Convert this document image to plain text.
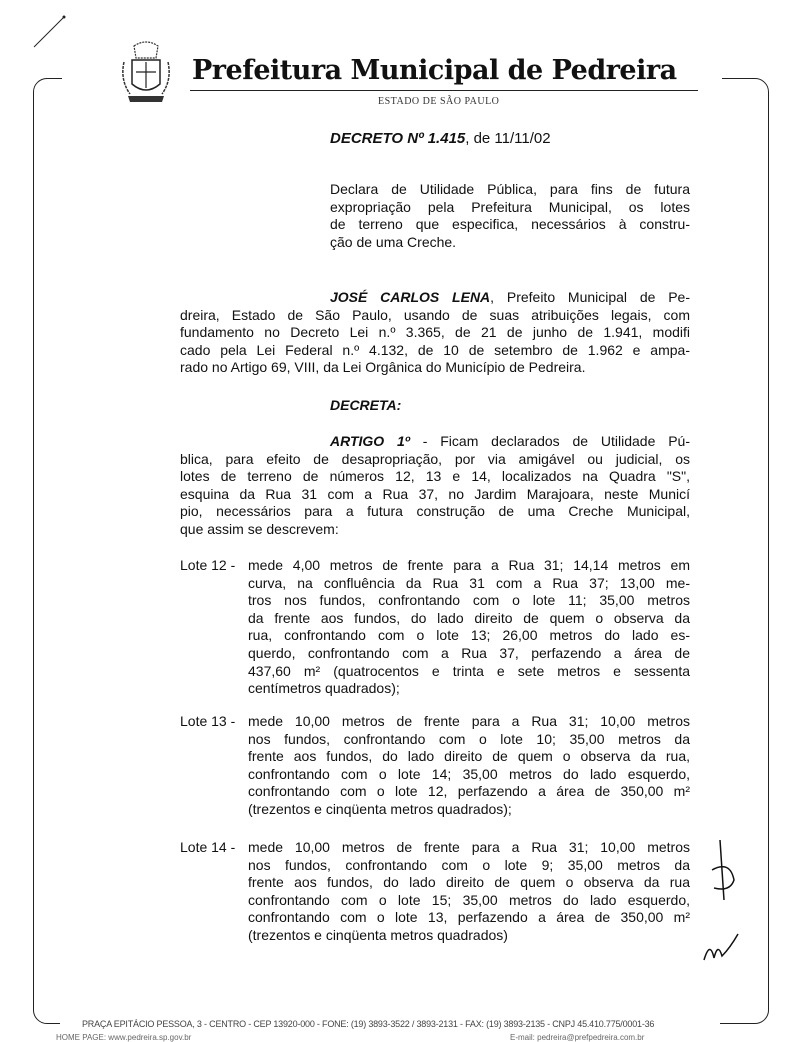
Prefeitura Municipal de Pedreira
ESTADO DE SÃO PAULO
DECRETO Nº 1.415, de 11/11/02
Declara de Utilidade Pública, para fins de futura
expropriação pela Prefeitura Municipal, os lotes
de terreno que especifica, necessários à constru-
ção de uma Creche.
JOSÉ CARLOS LENA, Prefeito Municipal de Pe-
dreira, Estado de São Paulo, usando de suas atribuições legais, com
fundamento no Decreto Lei n.º 3.365, de 21 de junho de 1.941, modifi
cado pela Lei Federal n.º 4.132, de 10 de setembro de 1.962 e ampa-
rado no Artigo 69, VIII, da Lei Orgânica do Município de Pedreira.
DECRETA:
ARTIGO 1º - Ficam declarados de Utilidade Pú-
blica, para efeito de desapropriação, por via amigável ou judicial, os
lotes de terreno de números 12, 13 e 14, localizados na Quadra "S",
esquina da Rua 31 com a Rua 37, no Jardim Marajoara, neste Municí
pio, necessários para a futura construção de uma Creche Municipal,
que assim se descrevem:
Lote 12 - mede 4,00 metros de frente para a Rua 31; 14,14 metros em
curva, na confluência da Rua 31 com a Rua 37; 13,00 me-
tros nos fundos, confrontando com o lote 11; 35,00 metros
da frente aos fundos, do lado direito de quem o observa da
rua, confrontando com o lote 13; 26,00 metros do lado es-
querdo, confrontando com a Rua 37, perfazendo a área de
437,60 m² (quatrocentos e trinta e sete metros e sessenta
centímetros quadrados);
Lote 13 - mede 10,00 metros de frente para a Rua 31; 10,00 metros
nos fundos, confrontando com o lote 10; 35,00 metros da
frente aos fundos, do lado direito de quem o observa da rua,
confrontando com o lote 14; 35,00 metros do lado esquerdo,
confrontando com o lote 12, perfazendo a área de 350,00 m²
(trezentos e cinqüenta metros quadrados);
Lote 14 - mede 10,00 metros de frente para a Rua 31; 10,00 metros
nos fundos, confrontando com o lote 9; 35,00 metros da
frente aos fundos, do lado direito de quem o observa da rua
confrontando com o lote 15; 35,00 metros do lado esquerdo,
confrontando com o lote 13, perfazendo a área de 350,00 m²
(trezentos e cinqüenta metros quadrados)
PRAÇA EPITÁCIO PESSOA, 3 - CENTRO - CEP 13920-000 - FONE: (19) 3893-3522 / 3893-2131 - FAX: (19) 3893-2135 - CNPJ 45.410.775/0001-36
HOME PAGE: www.pedreira.sp.gov.br	E-mail: pedreira@prefpedreira.com.br
